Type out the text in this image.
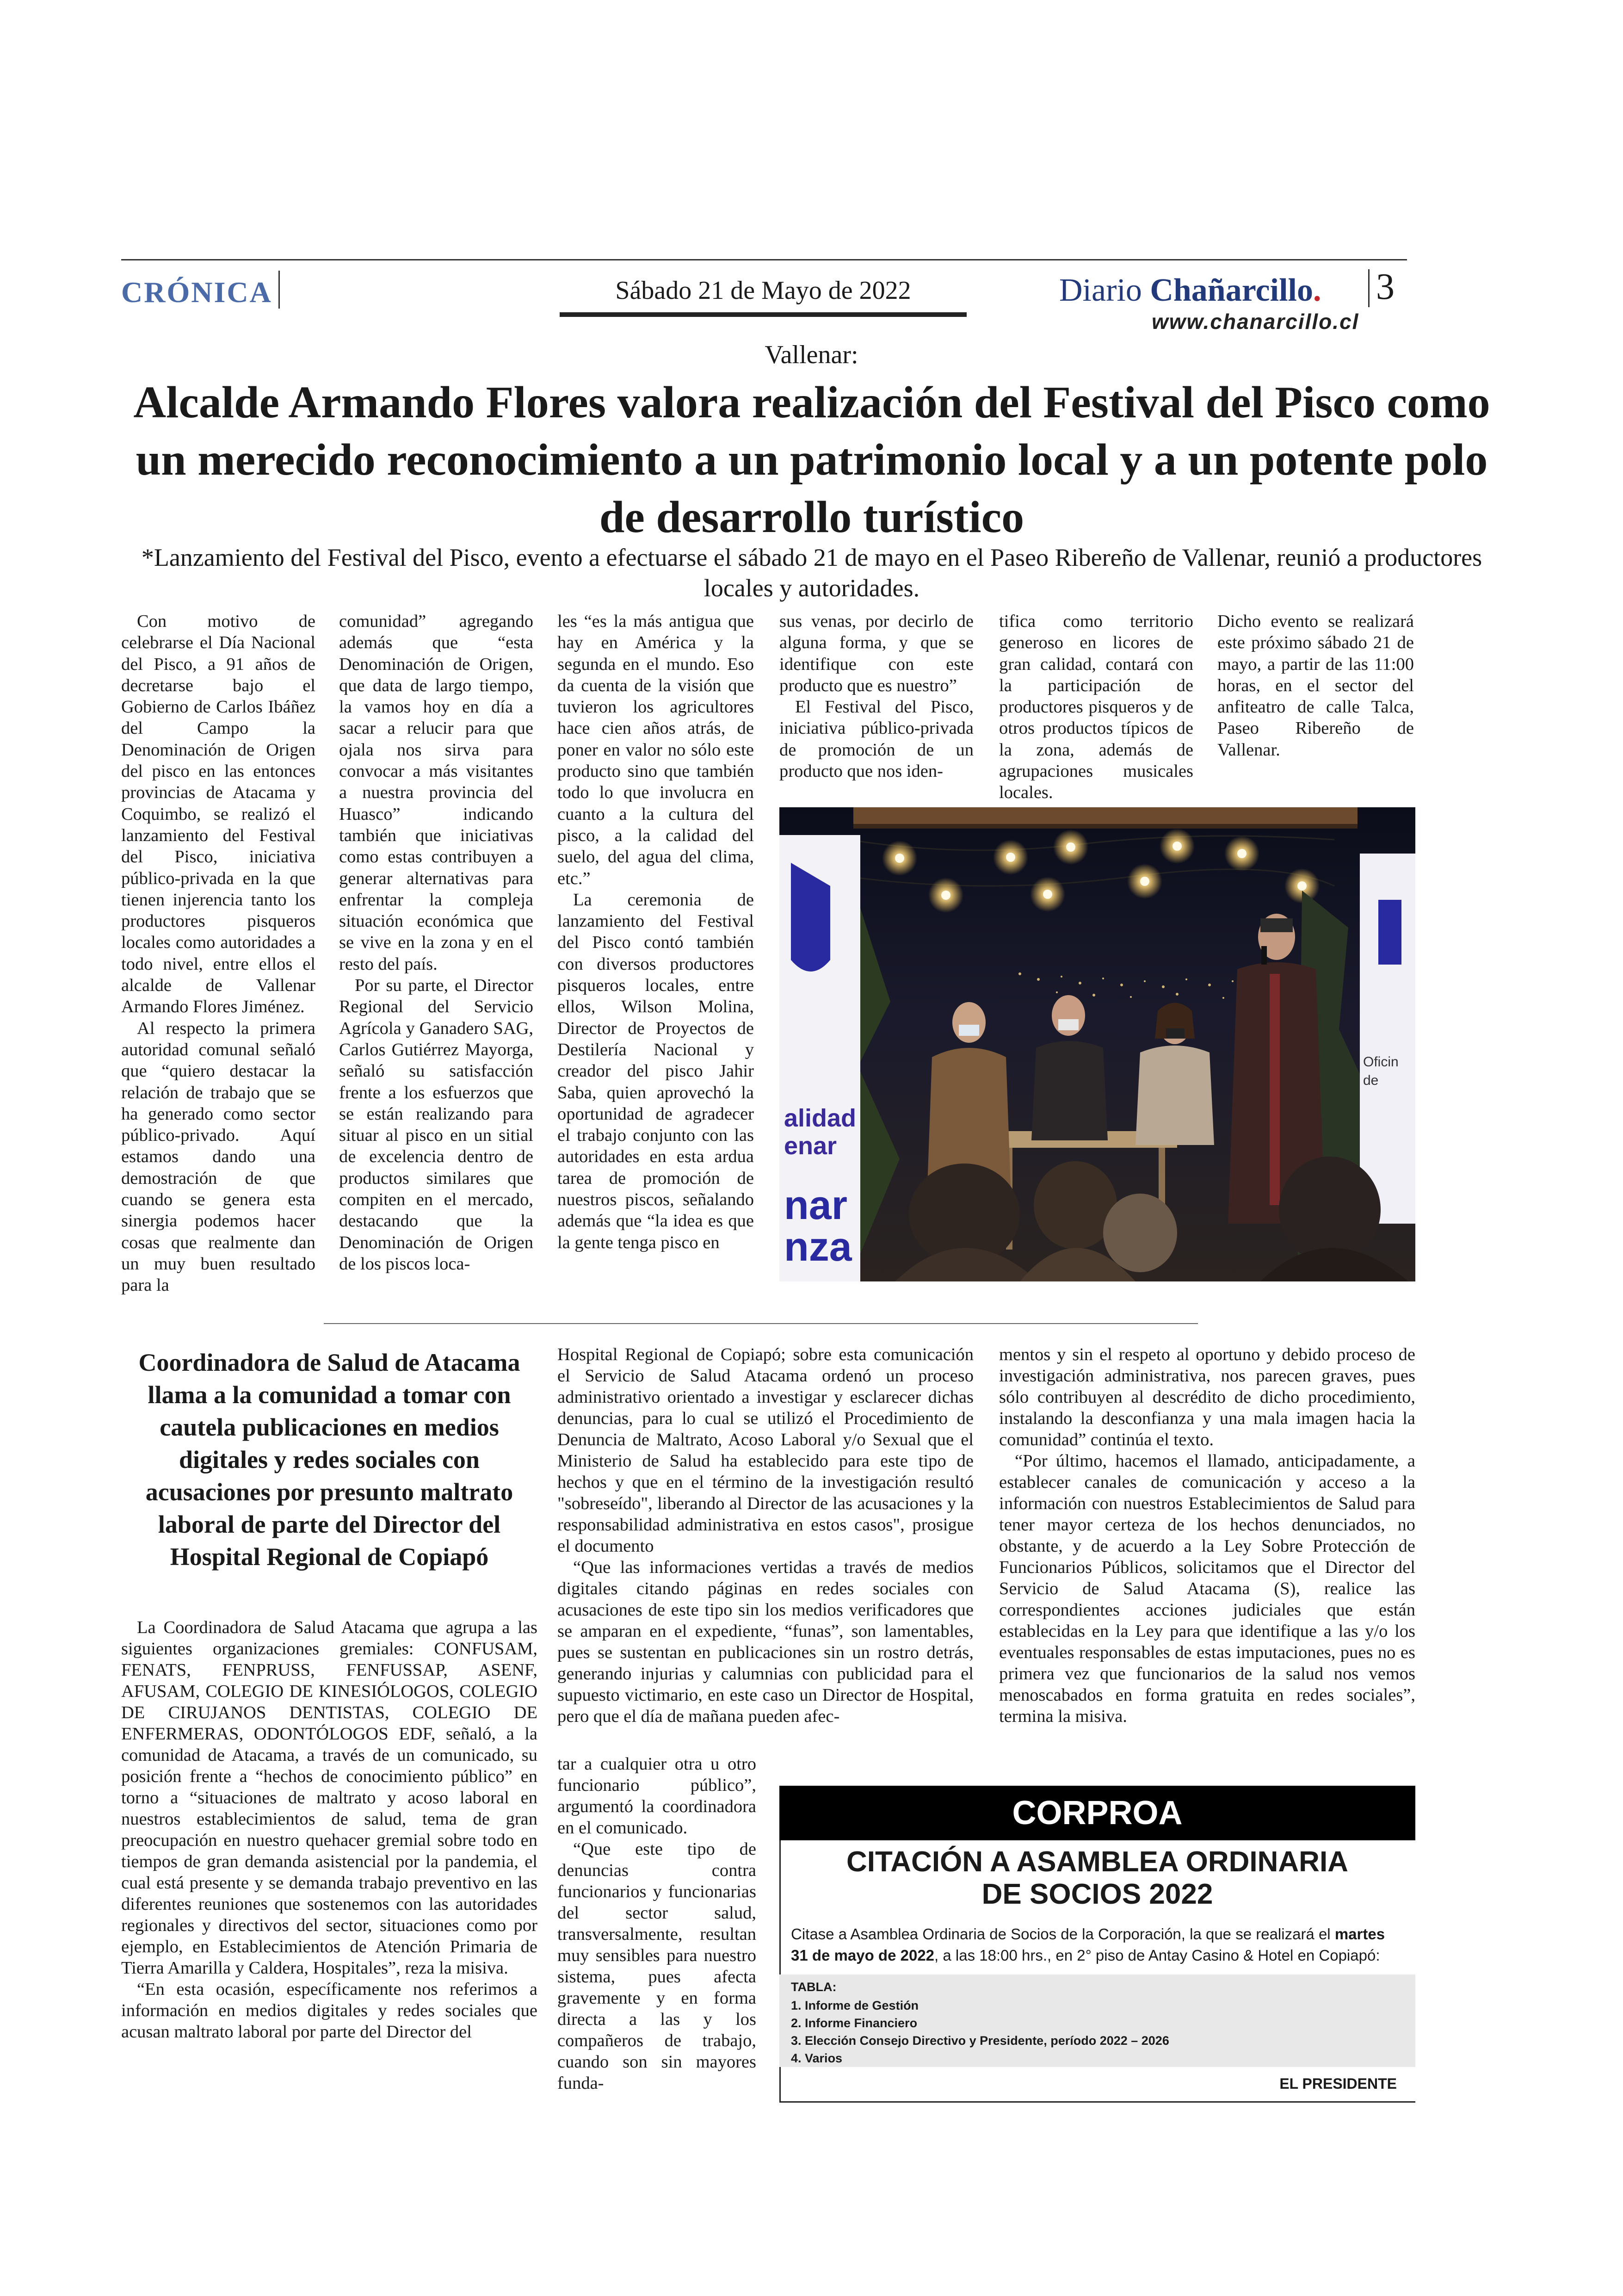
CRÓNICA	Sábado 21 de Mayo de 2022	Diario Chañarcillo. 3
www.chanarcillo.cl
Vallenar:
Alcalde Armando Flores valora realización del Festival del Pisco como un merecido reconocimiento a un patrimonio local y a un potente polo de desarrollo turístico
*Lanzamiento del Festival del Pisco, evento a efectuarse el sábado 21 de mayo en el Paseo Ribereño de Vallenar, reunió a productores locales y autoridades.

Con motivo de celebrarse el Día Nacional del Pisco, a 91 años de decretarse bajo el Gobierno de Carlos Ibáñez del Campo la Denominación de Origen del pisco en las entonces provincias de Atacama y Coquimbo, se realizó el lanzamiento del Festival del Pisco, iniciativa público-privada en la que tienen injerencia tanto los productores pisqueros locales como autoridades a todo nivel, entre ellos el alcalde de Vallenar Armando Flores Jiménez.

Al respecto la primera autoridad comunal señaló que “quiero destacar la relación de trabajo que se ha generado como sector público-privado. Aquí estamos dando una demostración de que cuando se genera esta sinergia podemos hacer cosas que realmente dan un muy buen resultado para la

comunidad” agregando además que “esta Denominación de Origen, que data de largo tiempo, la vamos hoy en día a sacar a relucir para que ojala nos sirva para convocar a más visitantes a nuestra provincia del Huasco” indicando también que iniciativas como estas contribuyen a generar alternativas para enfrentar la compleja situación económica que se vive en la zona y en el resto del país.

Por su parte, el Director Regional del Servicio Agrícola y Ganadero SAG, Carlos Gutiérrez Mayorga, señaló su satisfacción frente a los esfuerzos que se están realizando para situar al pisco en un sitial de excelencia dentro de productos similares que compiten en el mercado, destacando que la Denominación de Origen de los piscos loca-

les “es la más antigua que hay en América y la segunda en el mundo. Eso da cuenta de la visión que tuvieron los agricultores hace cien años atrás, de poner en valor no sólo este producto sino que también todo lo que involucra en cuanto a la cultura del pisco, a la calidad del suelo, del agua del clima, etc.”

La ceremonia de lanzamiento del Festival del Pisco contó también con diversos productores pisqueros locales, entre ellos, Wilson Molina, Director de Proyectos de Destilería Nacional y creador del pisco Jahir Saba, quien aprovechó la oportunidad de agradecer el trabajo conjunto con las autoridades en esta ardua tarea de promoción de nuestros piscos, señalando además que “la idea es que la gente tenga pisco en

sus venas, por decirlo de alguna forma, y que se identifique con este producto que es nuestro”

El Festival del Pisco, iniciativa público-privada de promoción de un producto que nos iden-

tifica como territorio generoso en licores de gran calidad, contará con la participación de productores pisqueros y de otros productos típicos de la zona, además de agrupaciones musicales locales.

Dicho evento se realizará este próximo sábado 21 de mayo, a partir de las 11:00 horas, en el sector del anfiteatro de calle Talca, Paseo Ribereño de Vallenar.

alidad
enar
nar
nza
Oficin
de
Coordinadora de Salud de Atacama llama a la comunidad a tomar con cautela publicaciones en medios digitales y redes sociales con acusaciones por presunto maltrato laboral de parte del Director del Hospital Regional de Copiapó

La Coordinadora de Salud Atacama que agrupa a las siguientes organizaciones gremiales: CONFUSAM, FENATS, FENPRUSS, FENFUSSAP, ASENF, AFUSAM, COLEGIO DE KINESIÓLOGOS, COLEGIO DE CIRUJANOS DENTISTAS, COLEGIO DE ENFERMERAS, ODONTÓLOGOS EDF, señaló, a la comunidad de Atacama, a través de un comunicado, su posición frente a “hechos de conocimiento público” en torno a “situaciones de maltrato y acoso laboral en nuestros establecimientos de salud, tema de gran preocupación en nuestro quehacer gremial sobre todo en tiempos de gran demanda asistencial por la pandemia, el cual está presente y se demanda trabajo preventivo en las diferentes reuniones que sostenemos con las autoridades regionales y directivos del sector, situaciones como por ejemplo, en Establecimientos de Atención Primaria de Tierra Amarilla y Caldera, Hospitales”, reza la misiva.

“En esta ocasión, específicamente nos referimos a información en medios digitales y redes sociales que acusan maltrato laboral por parte del Director del

Hospital Regional de Copiapó; sobre esta comunicación el Servicio de Salud Atacama ordenó un proceso administrativo orientado a investigar y esclarecer dichas denuncias, para lo cual se utilizó el Procedimiento de Denuncia de Maltrato, Acoso Laboral y/o Sexual que el Ministerio de Salud ha establecido para este tipo de hechos y que en el término de la investigación resultó "sobreseído", liberando al Director de las acusaciones y la responsabilidad administrativa en estos casos", prosigue el documento

“Que las informaciones vertidas a través de medios digitales citando páginas en redes sociales con acusaciones de este tipo sin los medios verificadores que se amparan en el expediente, “funas”, son lamentables, pues se sustentan en publicaciones sin un rostro detrás, generando injurias y calumnias con publicidad para el supuesto victimario, en este caso un Director de Hospital, pero que el día de mañana pueden afec-

tar a cualquier otra u otro funcionario público”, argumentó la coordinadora en el comunicado.

“Que este tipo de denuncias contra funcionarios y funcionarias del sector salud, transversalmente, resultan muy sensibles para nuestro sistema, pues afecta gravemente y en forma directa a las y los compañeros de trabajo, cuando son sin mayores funda-

mentos y sin el respeto al oportuno y debido proceso de investigación administrativa, nos parecen graves, pues sólo contribuyen al descrédito de dicho procedimiento, instalando la desconfianza y una mala imagen hacia la comunidad” continúa el texto.

“Por último, hacemos el llamado, anticipadamente, a establecer canales de comunicación y acceso a la información con nuestros Establecimientos de Salud para tener mayor certeza de los hechos denunciados, no obstante, y de acuerdo a la Ley Sobre Protección de Funcionarios Públicos, solicitamos que el Director del Servicio de Salud Atacama (S), realice las correspondientes acciones judiciales que están establecidas en la Ley para que identifique a las y/o los eventuales responsables de estas imputaciones, pues no es primera vez que funcionarios de la salud nos vemos menoscabados en forma gratuita en redes sociales”, termina la misiva.

CORPROA
CITACIÓN A ASAMBLEA ORDINARIA
DE SOCIOS 2022
Citase a Asamblea Ordinaria de Socios de la Corporación, la que se realizará el martes 31 de mayo de 2022, a las 18:00 hrs., en 2° piso de Antay Casino & Hotel en Copiapó:
TABLA:
1. Informe de Gestión
2. Informe Financiero
3. Elección Consejo Directivo y Presidente, período 2022 – 2026
4. Varios
EL PRESIDENTE
